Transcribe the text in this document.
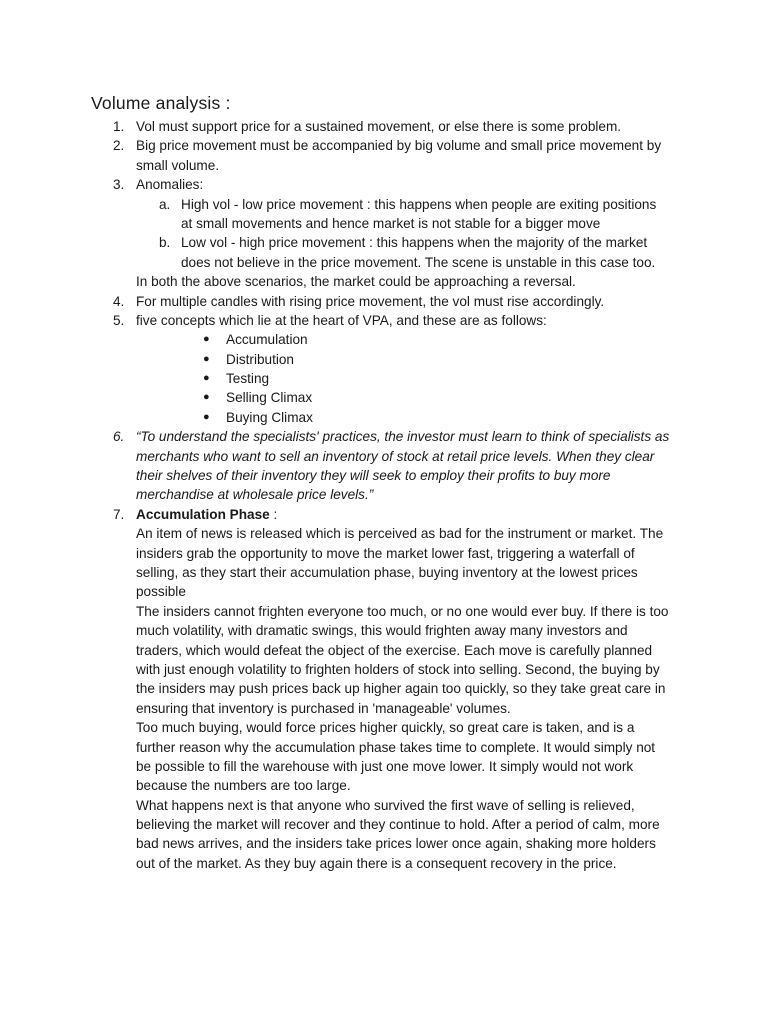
Volume analysis :
1. Vol must support price for a sustained movement, or else there is some problem.
2. Big price movement must be accompanied by big volume and small price movement by
small volume.
3. Anomalies:
a. High vol - low price movement : this happens when people are exiting positions
at small movements and hence market is not stable for a bigger move
b. Low vol - high price movement : this happens when the majority of the market
does not believe in the price movement. The scene is unstable in this case too.
In both the above scenarios, the market could be approaching a reversal.
4. For multiple candles with rising price movement, the vol must rise accordingly.
5. five concepts which lie at the heart of VPA, and these are as follows:
● Accumulation
● Distribution
● Testing
● Selling Climax
● Buying Climax
6. “To understand the specialists' practices, the investor must learn to think of specialists as
merchants who want to sell an inventory of stock at retail price levels. When they clear
their shelves of their inventory they will seek to employ their profits to buy more
merchandise at wholesale price levels.”
7. Accumulation Phase :
An item of news is released which is perceived as bad for the instrument or market. The
insiders grab the opportunity to move the market lower fast, triggering a waterfall of
selling, as they start their accumulation phase, buying inventory at the lowest prices
possible
The insiders cannot frighten everyone too much, or no one would ever buy. If there is too
much volatility, with dramatic swings, this would frighten away many investors and
traders, which would defeat the object of the exercise. Each move is carefully planned
with just enough volatility to frighten holders of stock into selling. Second, the buying by
the insiders may push prices back up higher again too quickly, so they take great care in
ensuring that inventory is purchased in 'manageable' volumes.
Too much buying, would force prices higher quickly, so great care is taken, and is a
further reason why the accumulation phase takes time to complete. It would simply not
be possible to fill the warehouse with just one move lower. It simply would not work
because the numbers are too large.
What happens next is that anyone who survived the first wave of selling is relieved,
believing the market will recover and they continue to hold. After a period of calm, more
bad news arrives, and the insiders take prices lower once again, shaking more holders
out of the market. As they buy again there is a consequent recovery in the price.
